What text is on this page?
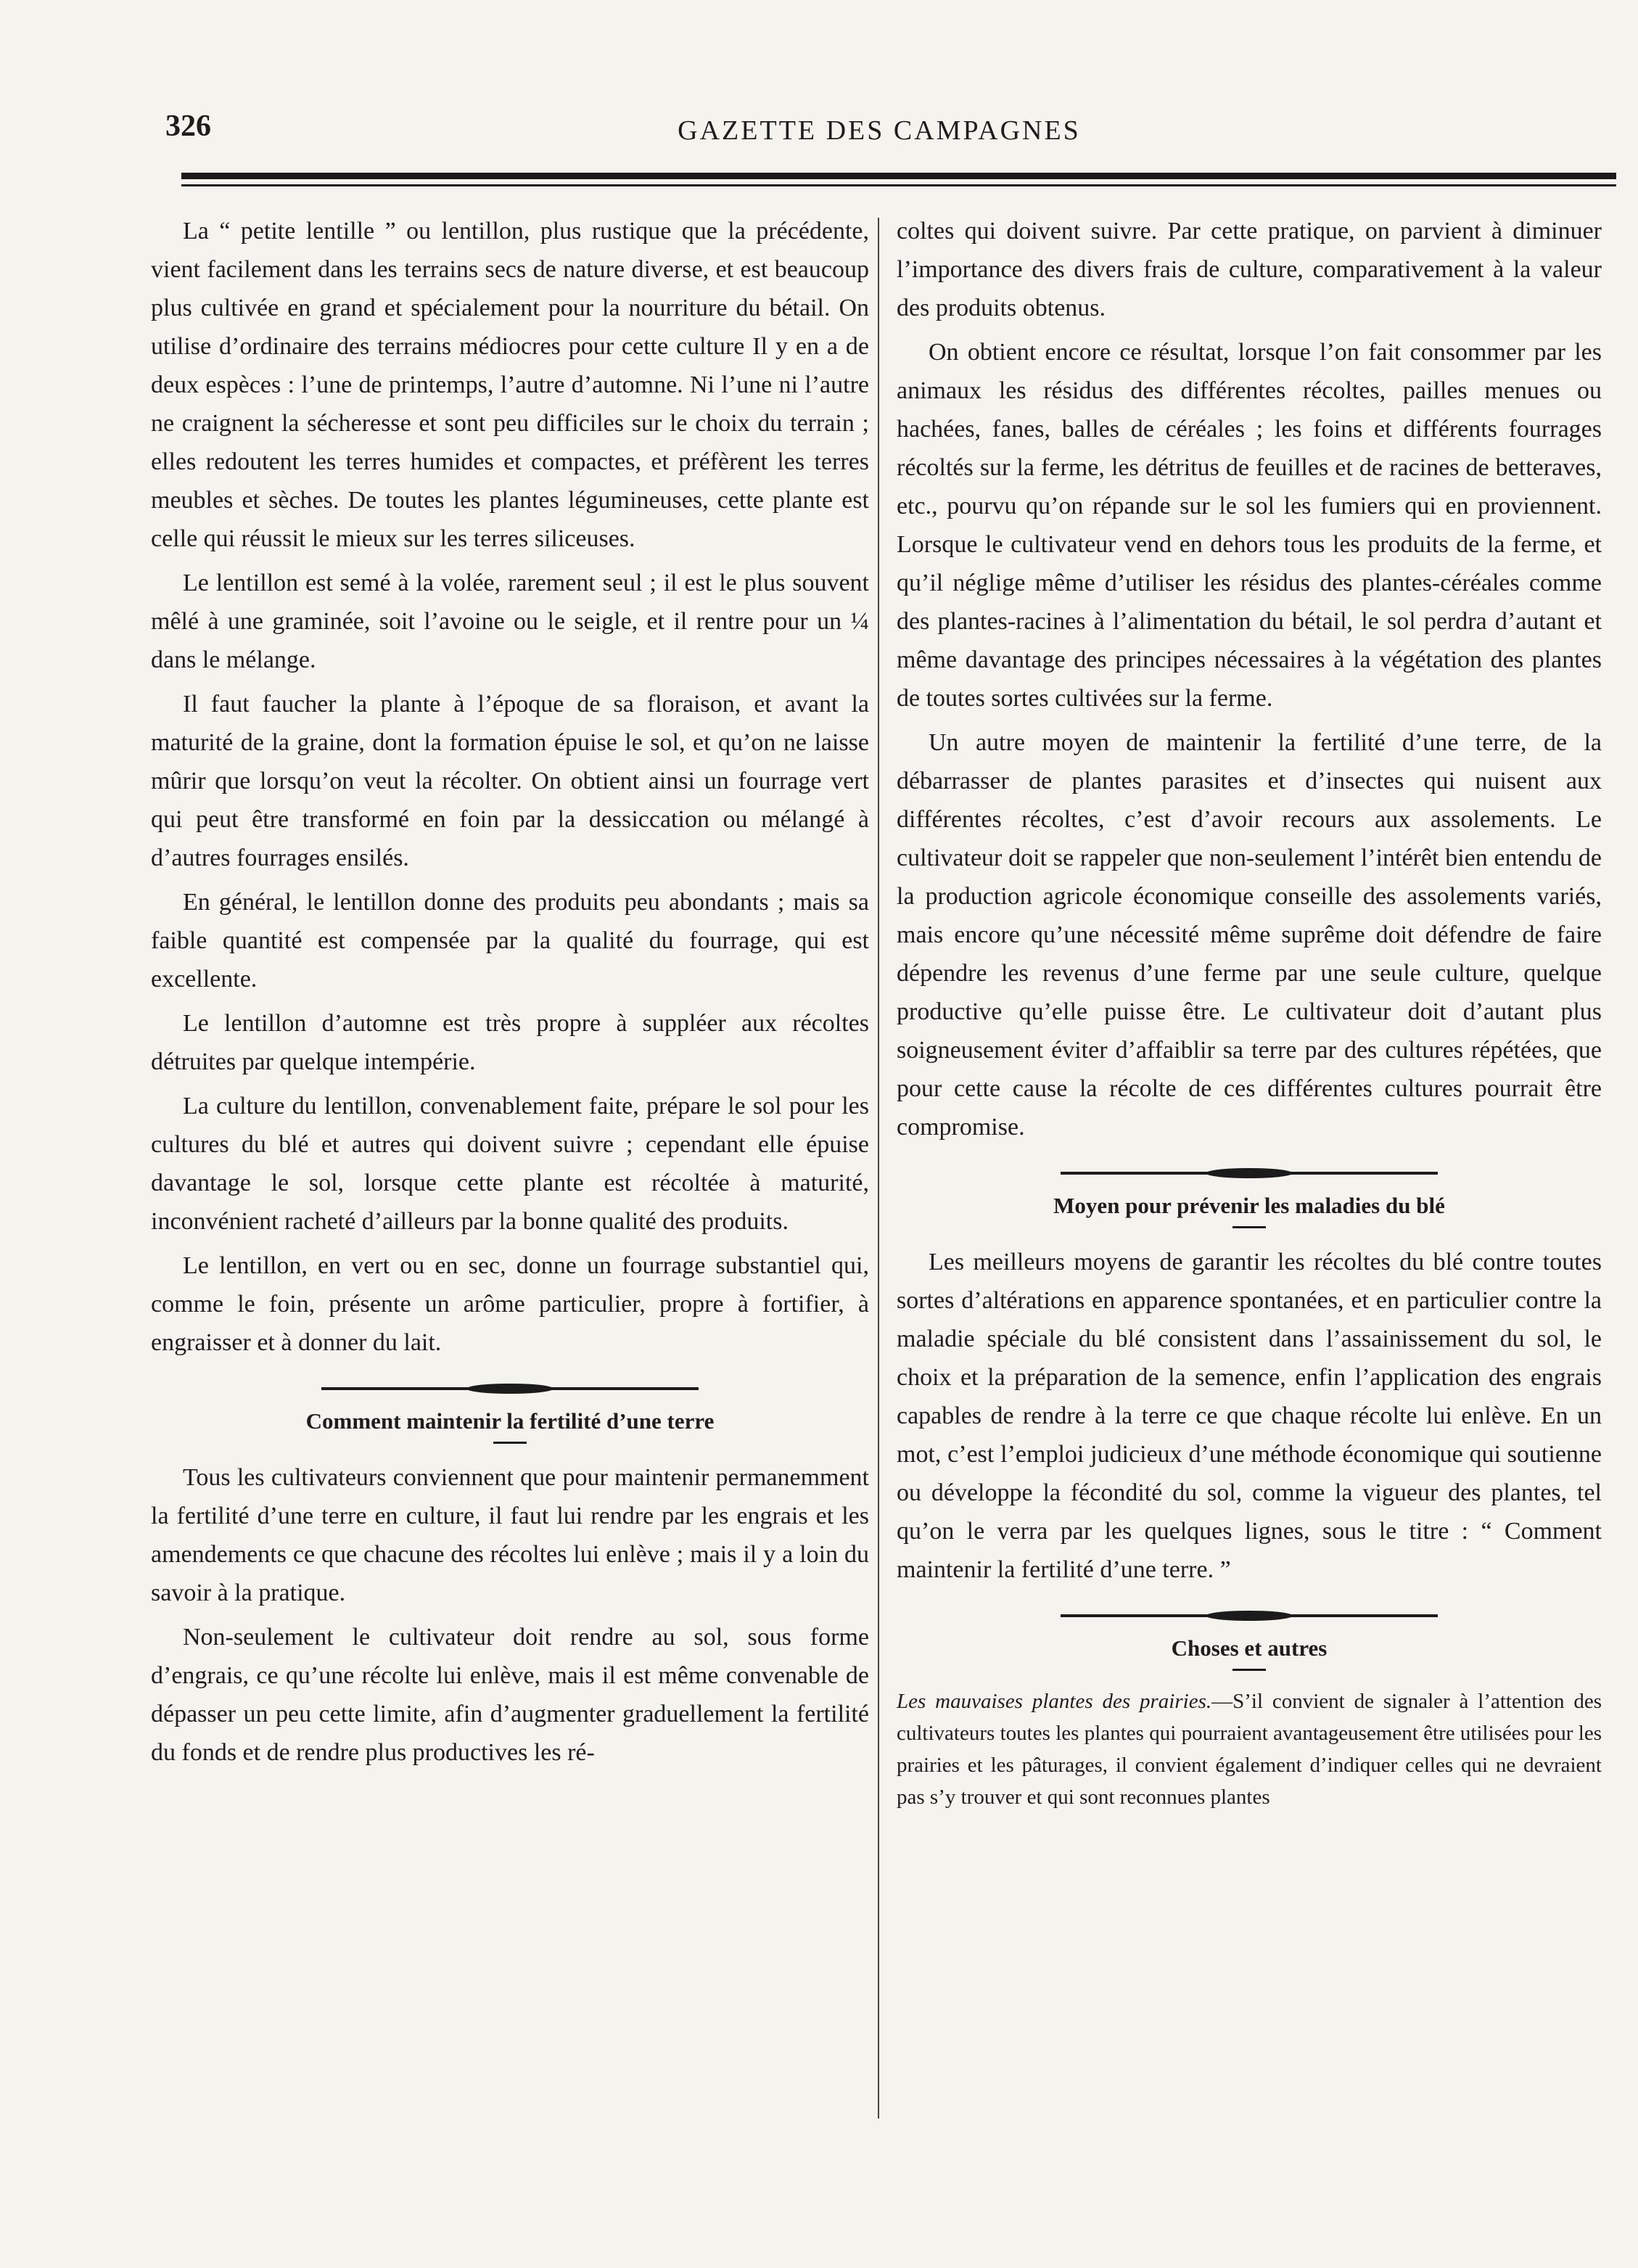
326	GAZETTE DES CAMPAGNES

La “ petite lentille ” ou lentillon, plus rustique que la précédente, vient facilement dans les terrains secs de nature diverse, et est beaucoup plus cultivée en grand et spécialement pour la nourriture du bétail. On utilise d’ordinaire des terrains médiocres pour cette culture Il y en a de deux espèces : l’une de printemps, l’autre d’automne. Ni l’une ni l’autre ne craignent la sécheresse et sont peu difficiles sur le choix du terrain ; elles redoutent les terres humides et compactes, et préfèrent les terres meubles et sèches. De toutes les plantes légumineuses, cette plante est celle qui réussit le mieux sur les terres siliceuses.

Le lentillon est semé à la volée, rarement seul ; il est le plus souvent mêlé à une graminée, soit l’avoine ou le seigle, et il rentre pour un ¼ dans le mélange.

Il faut faucher la plante à l’époque de sa floraison, et avant la maturité de la graine, dont la formation épuise le sol, et qu’on ne laisse mûrir que lorsqu’on veut la récolter. On obtient ainsi un fourrage vert qui peut être transformé en foin par la dessiccation ou mélangé à d’autres fourrages ensilés.

En général, le lentillon donne des produits peu abondants ; mais sa faible quantité est compensée par la qualité du fourrage, qui est excellente.

Le lentillon d’automne est très propre à suppléer aux récoltes détruites par quelque intempérie.

La culture du lentillon, convenablement faite, prépare le sol pour les cultures du blé et autres qui doivent suivre ; cependant elle épuise davantage le sol, lorsque cette plante est récoltée à maturité, inconvénient racheté d’ailleurs par la bonne qualité des produits.

Le lentillon, en vert ou en sec, donne un fourrage substantiel qui, comme le foin, présente un arôme particulier, propre à fortifier, à engraisser et à donner du lait.

Comment maintenir la fertilité d’une terre

Tous les cultivateurs conviennent que pour maintenir permanemment la fertilité d’une terre en culture, il faut lui rendre par les engrais et les amendements ce que chacune des récoltes lui enlève ; mais il y a loin du savoir à la pratique.

Non-seulement le cultivateur doit rendre au sol, sous forme d’engrais, ce qu’une récolte lui enlève, mais il est même convenable de dépasser un peu cette limite, afin d’augmenter graduellement la fertilité du fonds et de rendre plus productives les ré-

coltes qui doivent suivre. Par cette pratique, on parvient à diminuer l’importance des divers frais de culture, comparativement à la valeur des produits obtenus.

On obtient encore ce résultat, lorsque l’on fait consommer par les animaux les résidus des différentes récoltes, pailles menues ou hachées, fanes, balles de céréales ; les foins et différents fourrages récoltés sur la ferme, les détritus de feuilles et de racines de betteraves, etc., pourvu qu’on répande sur le sol les fumiers qui en proviennent. Lorsque le cultivateur vend en dehors tous les produits de la ferme, et qu’il néglige même d’utiliser les résidus des plantes-céréales comme des plantes-racines à l’alimentation du bétail, le sol perdra d’autant et même davantage des principes nécessaires à la végétation des plantes de toutes sortes cultivées sur la ferme.

Un autre moyen de maintenir la fertilité d’une terre, de la débarrasser de plantes parasites et d’insectes qui nuisent aux différentes récoltes, c’est d’avoir recours aux assolements. Le cultivateur doit se rappeler que non-seulement l’intérêt bien entendu de la production agricole économique conseille des assolements variés, mais encore qu’une nécessité même suprême doit défendre de faire dépendre les revenus d’une ferme par une seule culture, quelque productive qu’elle puisse être. Le cultivateur doit d’autant plus soigneusement éviter d’affaiblir sa terre par des cultures répétées, que pour cette cause la récolte de ces différentes cultures pourrait être compromise.

Moyen pour prévenir les maladies du blé

Les meilleurs moyens de garantir les récoltes du blé contre toutes sortes d’altérations en apparence spontanées, et en particulier contre la maladie spéciale du blé consistent dans l’assainissement du sol, le choix et la préparation de la semence, enfin l’application des engrais capables de rendre à la terre ce que chaque récolte lui enlève. En un mot, c’est l’emploi judicieux d’une méthode économique qui soutienne ou développe la fécondité du sol, comme la vigueur des plantes, tel qu’on le verra par les quelques lignes, sous le titre : “ Comment maintenir la fertilité d’une terre. ”

Choses et autres

Les mauvaises plantes des prairies.—S’il convient de signaler à l’attention des cultivateurs toutes les plantes qui pourraient avantageusement être utilisées pour les prairies et les pâturages, il convient également d’indiquer celles qui ne devraient pas s’y trouver et qui sont reconnues plantes
